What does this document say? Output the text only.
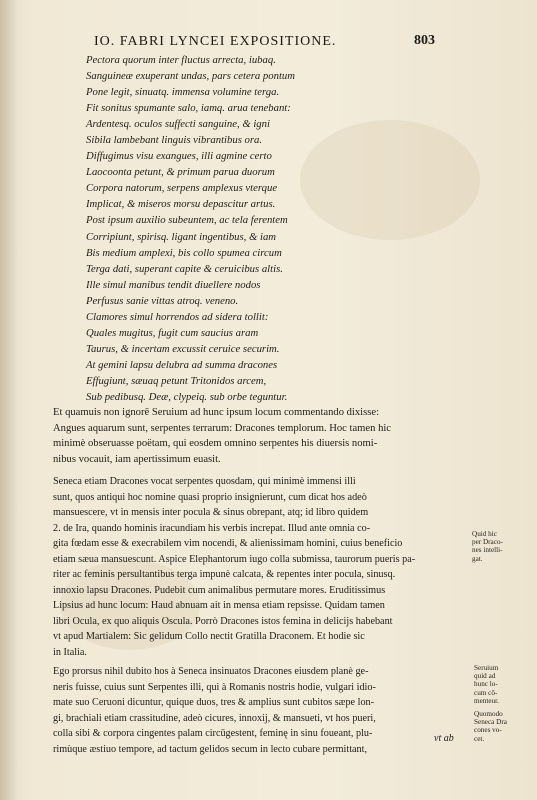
IO. FABRI LYNCEI EXPOSITIONE.	803
Pectora quorum inter fluctus arrecta, iubaq.
Sanguineæ exuperant undas, pars cetera pontum
Pone legit, sinuatq. immensa volumine terga.
Fit sonitus spumante salo, iamq. arua tenebant:
Ardentesq. oculos suffecti sanguine, & igni
Sibila lambebant linguis vibrantibus ora.
Diffugimus visu exangues, illi agmine certo
Laocoonta petunt, & primum parua duorum
Corpora natorum, serpens amplexus vterque
Implicat, & miseros morsu depascitur artus.
Post ipsum auxilio subeuntem, ac tela ferentem
Corripiunt, spirisq. ligant ingentibus, & iam
Bis medium amplexi, bis collo spumea circum
Terga dati, superant capite & ceruicibus altis.
Ille simul manibus tendit diuellere nodos
Perfusus sanie vittas atroq. veneno.
Clamores simul horrendos ad sidera tollit:
Quales mugitus, fugit cum saucius aram
Taurus, & incertam excussit ceruice securim.
At gemini lapsu delubra ad summa dracones
Effugiunt, sæuaq petunt Tritonidos arcem,
Sub pedibusq. Deæ, clypeiq. sub orbe teguntur.
Et quamuis non ignorē Seruium ad hunc ipsum locum commentando dixisse:
Angues aquarum sunt, serpentes terrarum: Dracones templorum. Hoc tamen hic
minimè obseruasse poëtam, qui eosdem omnino serpentes his diuersis nomi-
nibus vocauit, iam apertissimum euasit.
Seneca etiam Dracones vocat serpentes quosdam, qui minimè immensi illi
sunt, quos antiqui hoc nomine quasi proprio insignierunt, cum dicat hos adeò
mansuescere, vt in mensis inter pocula & sinus obrepant, atq; id libro quidem
2. de Ira, quando hominis iracundiam his verbis increpat. Illud ante omnia co-
gita fœdam esse & execrabilem vim nocendi, & alienissimam homini, cuius beneficio
etiam sæua mansuescunt. Aspice Elephantorum iugo colla submissa, taurorum pueris pa-
riter ac feminis persultantibus terga impunè calcata, & repentes inter pocula, sinusq.
innoxio lapsu Dracones. Pudebit cum animalibus permutare mores. Eruditissimus
Lipsius ad hunc locum: Haud abnuam ait in mensa etiam repsisse. Quidam tamen
libri Ocula, ex quo aliquis Oscula. Porrò Dracones istos femina in delicijs habebant
vt apud Martialem: Sic gelidum Collo nectit Gratilla Draconem. Et hodie sic
in Italia.
Ego prorsus nihil dubito hos à Seneca insinuatos Dracones eiusdem planè ge-
neris fuisse, cuius sunt Serpentes illi, qui à Romanis nostris hodie, vulgari idio-
mate suo Ceruoni dicuntur, quique duos, tres & amplius sunt cubitos sæpe lon-
gi, brachiali etiam crassitudine, adeò cicures, innoxij, & mansueti, vt hos pueri,
colla sibi & corpora cingentes palam circūgestent, feminę in sinu foueant, plu-
rimùque æstiuo tempore, ad tactum gelidos secum in lecto cubare permittant,
Quid hic
per Draco-
nes intelli-
gat.
Seruium
quid ad
hunc lo-
cum cō-
menteur.
Quomodo
Seneca Dra
cones vo-
cet.
vt ab
